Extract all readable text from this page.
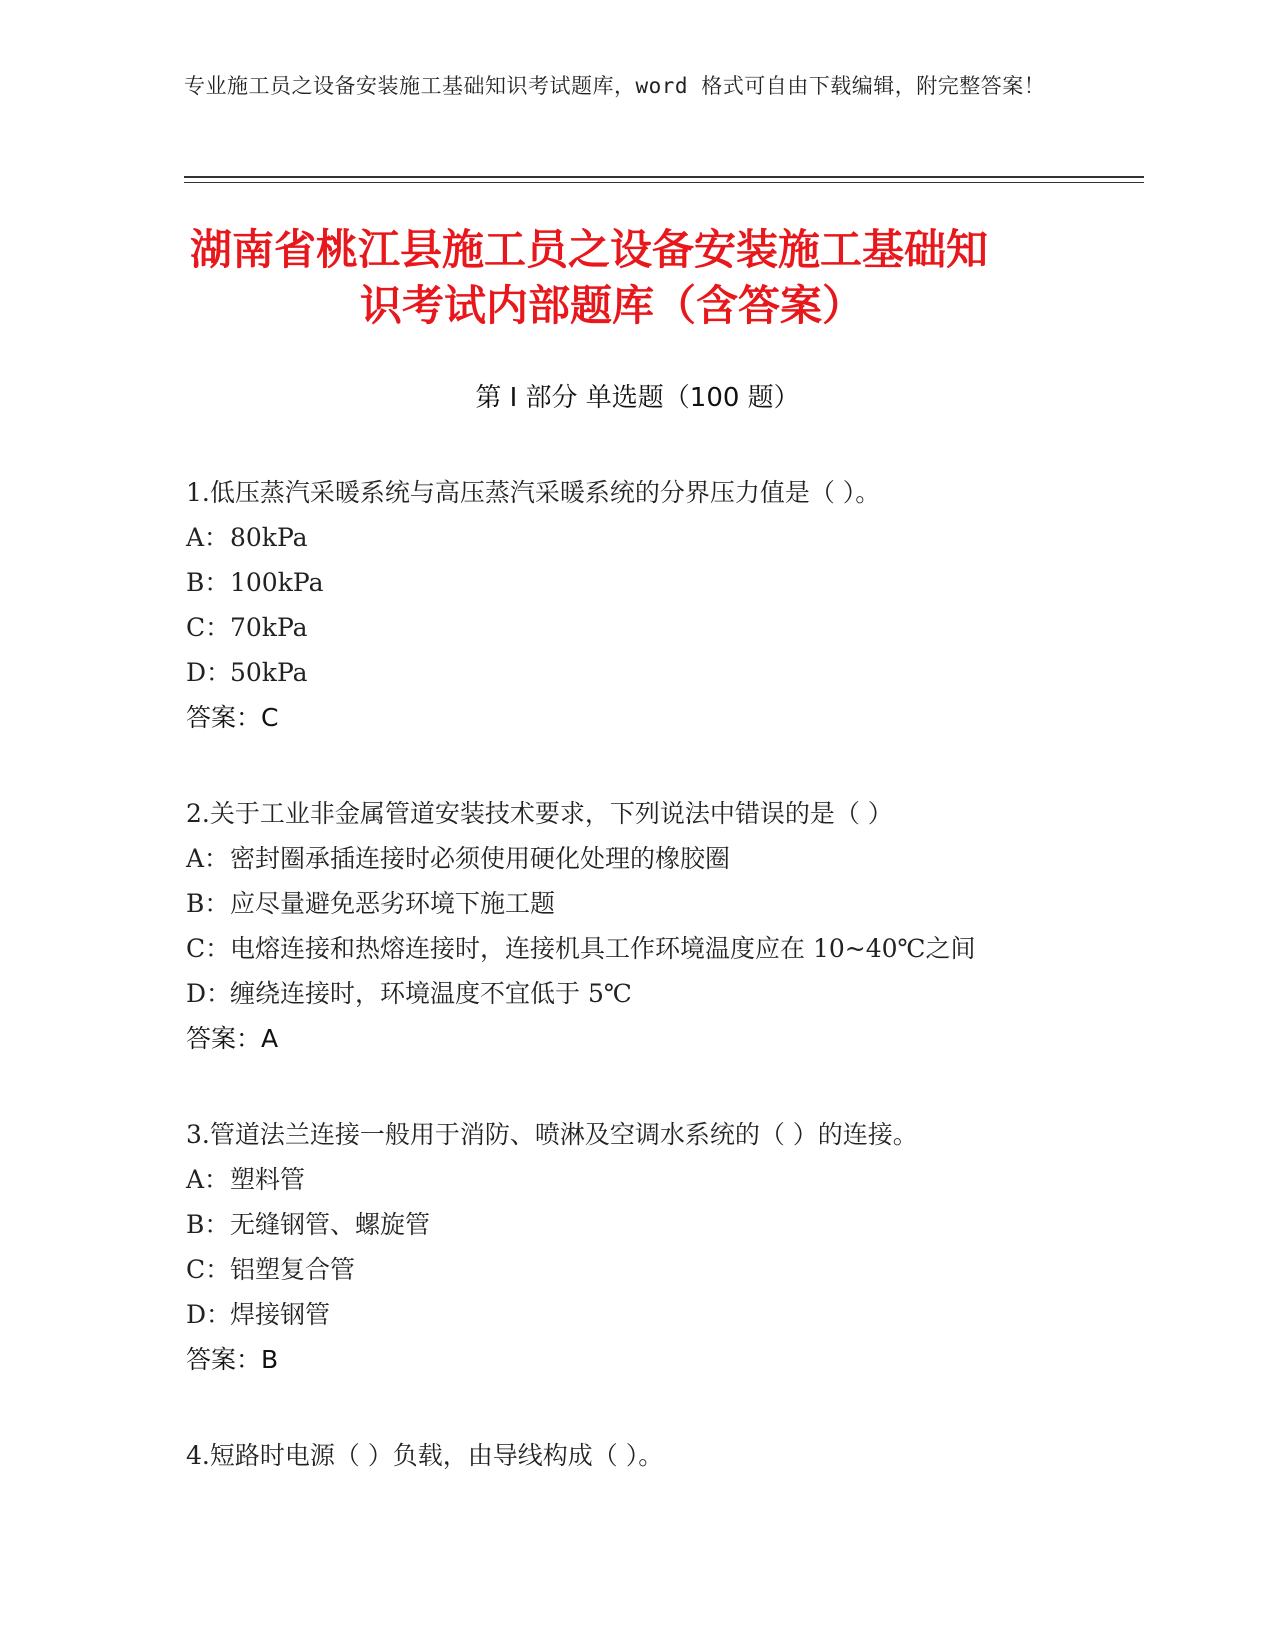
专业施工员之设备安装施工基础知识考试题库，word 格式可自由下载编辑，附完整答案！
湖南省桃江县施工员之设备安装施工基础知
识考试内部题库（含答案）
第 I 部分 单选题（100 题）
1.低压蒸汽采暖系统与高压蒸汽采暖系统的分界压力值是（ ）。
A：80kPa
B：100kPa
C：70kPa
D：50kPa
答案：C
2.关于工业非金属管道安装技术要求，下列说法中错误的是（ ）
A：密封圈承插连接时必须使用硬化处理的橡胶圈
B：应尽量避免恶劣环境下施工题
C：电熔连接和热熔连接时，连接机具工作环境温度应在 10~40℃之间
D：缠绕连接时，环境温度不宜低于 5℃
答案：A
3.管道法兰连接一般用于消防、喷淋及空调水系统的（ ）的连接。
A：塑料管
B：无缝钢管、螺旋管
C：铝塑复合管
D：焊接钢管
答案：B
4.短路时电源（ ）负载，由导线构成（ ）。
